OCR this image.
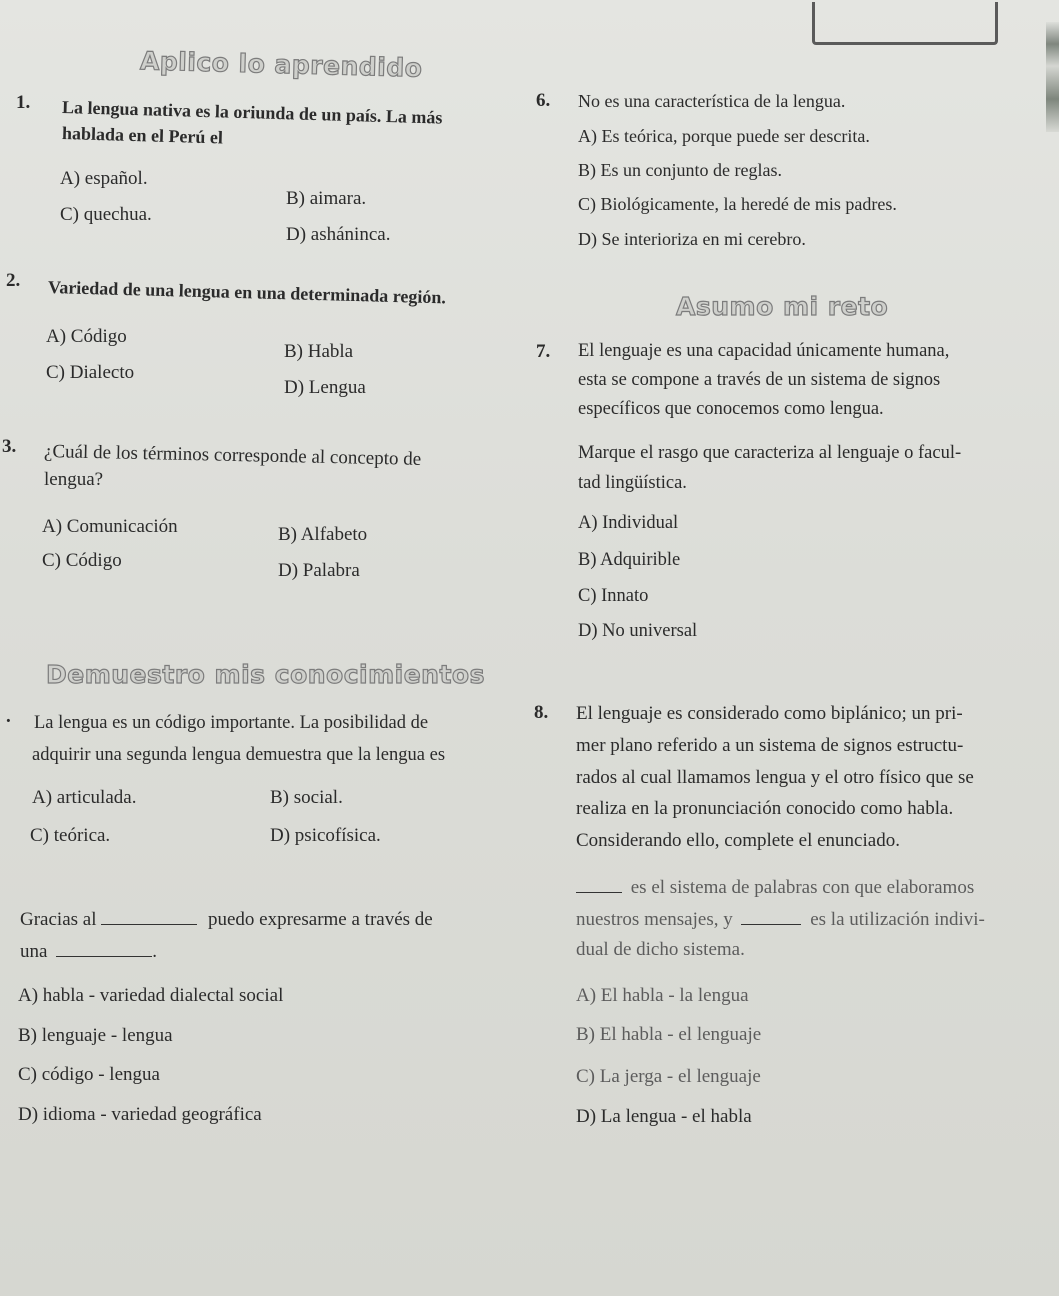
Aplico lo aprendido
1. La lengua nativa es la oriunda de un país. La más
hablada en el Perú el
A) español.
B) aimara.
C) quechua.
D) asháninca.
2. Variedad de una lengua en una determinada región.
A) Código
B) Habla
C) Dialecto
D) Lengua
3. ¿Cuál de los términos corresponde al concepto de
lengua?
A) Comunicación	B) Alfabeto
C) Código	D) Palabra
Demuestro mis conocimientos
. La lengua es un código importante. La posibilidad de
adquirir una segunda lengua demuestra que la lengua es
A) articulada.	B) social.
C) teórica.	D) psicofísica.
Gracias al	puedo expresarme a través de
una	.
A) habla - variedad dialectal social
B) lenguaje - lengua
C) código - lengua
D) idioma - variedad geográfica
6. No es una característica de la lengua.
A) Es teórica, porque puede ser descrita.
B) Es un conjunto de reglas.
C) Biológicamente, la heredé de mis padres.
D) Se interioriza en mi cerebro.
Asumo mi reto
7. El lenguaje es una capacidad únicamente humana,
esta se compone a través de un sistema de signos
específicos que conocemos como lengua.
Marque el rasgo que caracteriza al lenguaje o facul-
tad lingüística.
A) Individual
B) Adquirible
C) Innato
D) No universal
8. El lenguaje es considerado como biplánico; un pri-
mer plano referido a un sistema de signos estructu-
rados al cual llamamos lengua y el otro físico que se
realiza en la pronunciación conocido como habla.
Considerando ello, complete el enunciado.
es el sistema de palabras con que elaboramos
nuestros mensajes, y	es la utilización indivi-
dual de dicho sistema.
A) El habla - la lengua
B) El habla - el lenguaje
C) La jerga - el lenguaje
D) La lengua - el habla
